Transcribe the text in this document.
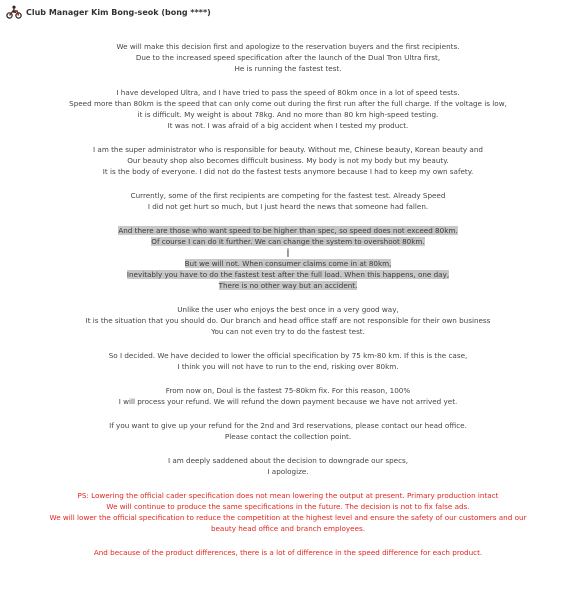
Club Manager Kim Bong-seok (bong ****)
We will make this decision first and apologize to the reservation buyers and the first recipients.
Due to the increased speed specification after the launch of the Dual Tron Ultra first,
He is running the fastest test.
I have developed Ultra, and I have tried to pass the speed of 80km once in a lot of speed tests.
Speed more than 80km is the speed that can only come out during the first run after the full charge. If the voltage is low,
it is difficult. My weight is about 78kg. And no more than 80 km high-speed testing.
It was not. I was afraid of a big accident when I tested my product.
I am the super administrator who is responsible for beauty. Without me, Chinese beauty, Korean beauty and
Our beauty shop also becomes difficult business. My body is not my body but my beauty.
It is the body of everyone. I did not do the fastest tests anymore because I had to keep my own safety.
Currently, some of the first recipients are competing for the fastest test. Already Speed
I did not get hurt so much, but I just heard the news that someone had fallen.
And there are those who want speed to be higher than spec, so speed does not exceed 80km.
Of course I can do it further. We can change the system to overshoot 80km.
|
But we will not. When consumer claims come in at 80km,
Inevitably you have to do the fastest test after the full load. When this happens, one day,
There is no other way but an accident.
Unlike the user who enjoys the best once in a very good way,
It is the situation that you should do. Our branch and head office staff are not responsible for their own business
You can not even try to do the fastest test.
So I decided. We have decided to lower the official specification by 75 km-80 km. If this is the case,
I think you will not have to run to the end, risking over 80km.
From now on, Doul is the fastest 75-80km fix. For this reason, 100%
I will process your refund. We will refund the down payment because we have not arrived yet.
If you want to give up your refund for the 2nd and 3rd reservations, please contact our head office.
Please contact the collection point.
I am deeply saddened about the decision to downgrade our specs,
I apologize.
PS: Lowering the official cader specification does not mean lowering the output at present. Primary production intact
We will continue to produce the same specifications in the future. The decision is not to fix false ads.
We will lower the official specification to reduce the competition at the highest level and ensure the safety of our customers and our
beauty head office and branch employees.
And because of the product differences, there is a lot of difference in the speed difference for each product.
